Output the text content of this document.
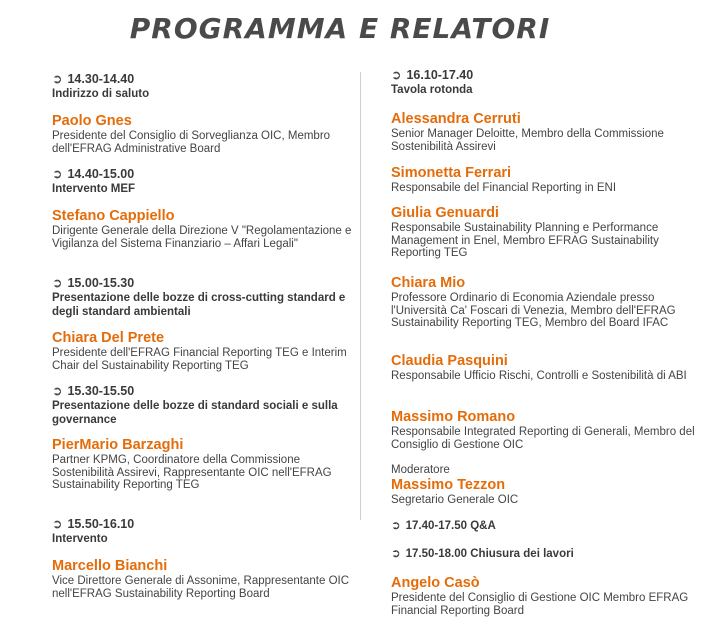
PROGRAMMA E RELATORI
➲ 14.30-14.40
Indirizzo di saluto
Paolo Gnes
Presidente del Consiglio di Sorveglianza OIC, Membro dell'EFRAG Administrative Board
➲ 14.40-15.00
Intervento MEF
Stefano Cappiello
Dirigente Generale della Direzione V "Regolamentazione e Vigilanza del Sistema Finanziario – Affari Legali"
➲ 15.00-15.30
Presentazione delle bozze di cross-cutting standard e degli standard ambientali
Chiara Del Prete
Presidente dell'EFRAG Financial Reporting TEG e Interim Chair del Sustainability Reporting TEG
➲ 15.30-15.50
Presentazione delle bozze di standard sociali e sulla governance
PierMario Barzaghi
Partner KPMG, Coordinatore della Commissione Sostenibilità Assirevi, Rappresentante OIC nell'EFRAG Sustainability Reporting TEG
➲ 15.50-16.10
Intervento
Marcello Bianchi
Vice Direttore Generale di Assonime, Rappresentante OIC nell'EFRAG Sustainability Reporting Board
➲ 16.10-17.40
Tavola rotonda
Alessandra Cerruti
Senior Manager Deloitte, Membro della Commissione Sostenibilità Assirevi
Simonetta Ferrari
Responsabile del Financial Reporting in ENI
Giulia Genuardi
Responsabile Sustainability Planning e Performance Management in Enel, Membro EFRAG Sustainability Reporting TEG
Chiara Mio
Professore Ordinario di Economia Aziendale presso l'Università Ca' Foscari di Venezia, Membro dell'EFRAG Sustainability Reporting TEG, Membro del Board IFAC
Claudia Pasquini
Responsabile Ufficio Rischi, Controlli e Sostenibilità di ABI
Massimo Romano
Responsabile Integrated Reporting di Generali, Membro del Consiglio di Gestione OIC
Moderatore
Massimo Tezzon
Segretario Generale OIC
➲ 17.40-17.50 Q&A
➲ 17.50-18.00 Chiusura dei lavori
Angelo Casò
Presidente del Consiglio di Gestione OIC Membro EFRAG Financial Reporting Board
